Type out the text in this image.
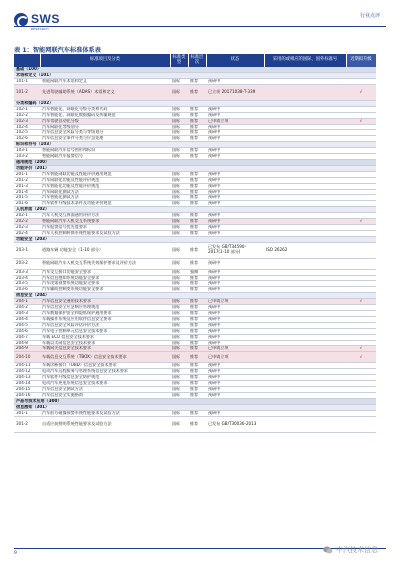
SWS
RESEARCH
行业点评
表 1：智能网联汽车标准体系表
	标准项目及分类	标准类型	标准层次	状态	采用的或相应的国际、国外标准号	近期拟升级
基础（100）						
术语和定义（101）						
101-1	智能网联汽车术语和定义	国标	推荐	预研中		
101-2	先进驾驶辅助系统（ADAS）术语和定义	国标	推荐	已立项 20171038-T-339		√
分类和编码（102）						
102-1	汽车智能化、网联化分级分类和代码	国标	推荐	预研中		
102-2	汽车智能化、网联化数据编码及传输规范	国标	推荐	预研中		
102-3	汽车驾驶自动化分级	国标	推荐	已申请立项		√
102-4	汽车网联化等级划分	国标	推荐	预研中		
102-5	汽车信息安全风险分类与等级划分	国标	推荐	预研中		
102-6	汽车信息安全事件分类与应急处理	国标	推荐	预研中		
标识和符号（103）						
103-1	智能网联汽车信号图形和标识	国标	推荐	预研中		
103-2	智能网联汽车报警信号	国标	推荐	预研中		
通用规范（200）						
功能评价（201）						
201-1	汽车智能网联功能及性能评价通用规范	国标	推荐	预研中		
201-2	汽车网联化功能及性能评价规范	国标	推荐	预研中		
201-3	汽车智能化功能及性能评价规范	国标	推荐	预研中		
201-4	汽车网联化测试方法	国标	推荐	预研中		
201-5	汽车智能化测试方法	国标	推荐	预研中		
201-6	汽车软件升级技术条件及功能评价规范	国标	推荐	预研中		
人机界面（202）						
202-1	汽车人机交互界面通用评价方法	国标	推荐	预研中		
202-2	智能网联汽车人机交互系统要求	国标	推荐	预研中		√
202-3	汽车报警信号优先度要求	国标	推荐	预研中		
202-4	汽车人机控制转换系统性能要求及试验方法	国标	推荐	预研中		
功能安全（203）						
203-1	道路车辆 功能安全（1-10 部分）	国标	推荐	已发布 GB/T34590-2017(1-10 部分)	ISO 26262	
203-2	智能网联汽车人机交互系统失效保护要求及评价方法	国标	推荐	预研中		
203-3	汽车交互接口功能安全要求	国标	强制	预研中		
203-4	汽车信息感知系统功能安全要求	国标	推荐	预研中		
203-5	汽车决策预警系统功能安全要求	国标	推荐	预研中		
203-6	汽车辅助控制类系统功能安全要求	国标	推荐	预研中		
信息安全（204）						
204-1	汽车信息安全通用技术要求	国标	推荐	已申请立项		√
204-2	汽车信息安全应急响应管理规范	国标	推荐	预研中		
204-3	汽车数据保护安全和隐私保护通用要求	国标	推荐	预研中		
204-4	车载操作系统及应用软件信息安全要求	国标	推荐	预研中		
204-5	汽车信息安全风险评估评价方法	国标	推荐	预研中		
204-6	汽车电子控制单元信息安全技术要求	国标	推荐	预研中		
204-7	车载 ECU 信息安全技术要求	国标	推荐	预研中		
204-8	车载以太网信息安全技术要求	国标	推荐	预研中		
204-9	车载网关信息安全技术要求	国标	推荐	已申请立项		√
204-10	车载信息交互系统（TBOX）信息安全技术要求	国标	推荐	已申请立项		√
204-11	车载诊断接口（OBD）信息安全技术要求	国标	推荐	预研中		
204-12	电动汽车远程服务与管理系统信息安全技术要求	国标	推荐	预研中		
204-13	汽车软件升级信息安全防护规范	国标	推荐	预研中		
204-14	电动汽车充电系统信息安全技术要求	国标	推荐	预研中		
204-15	汽车信息安全测试方法	国标	推荐	预研中		
204-16	汽车信息安全实施指南	国标	推荐	预研中		
产品与技术应用（300）						
信息感知（301）						
301-1	汽车前方碰撞预警系统性能要求及试验方法	国标	推荐	预研中		
301-2	自适应前照明系统性能要求及试验方法	国标	推荐	已发布 GB/T30036-2013		
9	中汽技术信息
